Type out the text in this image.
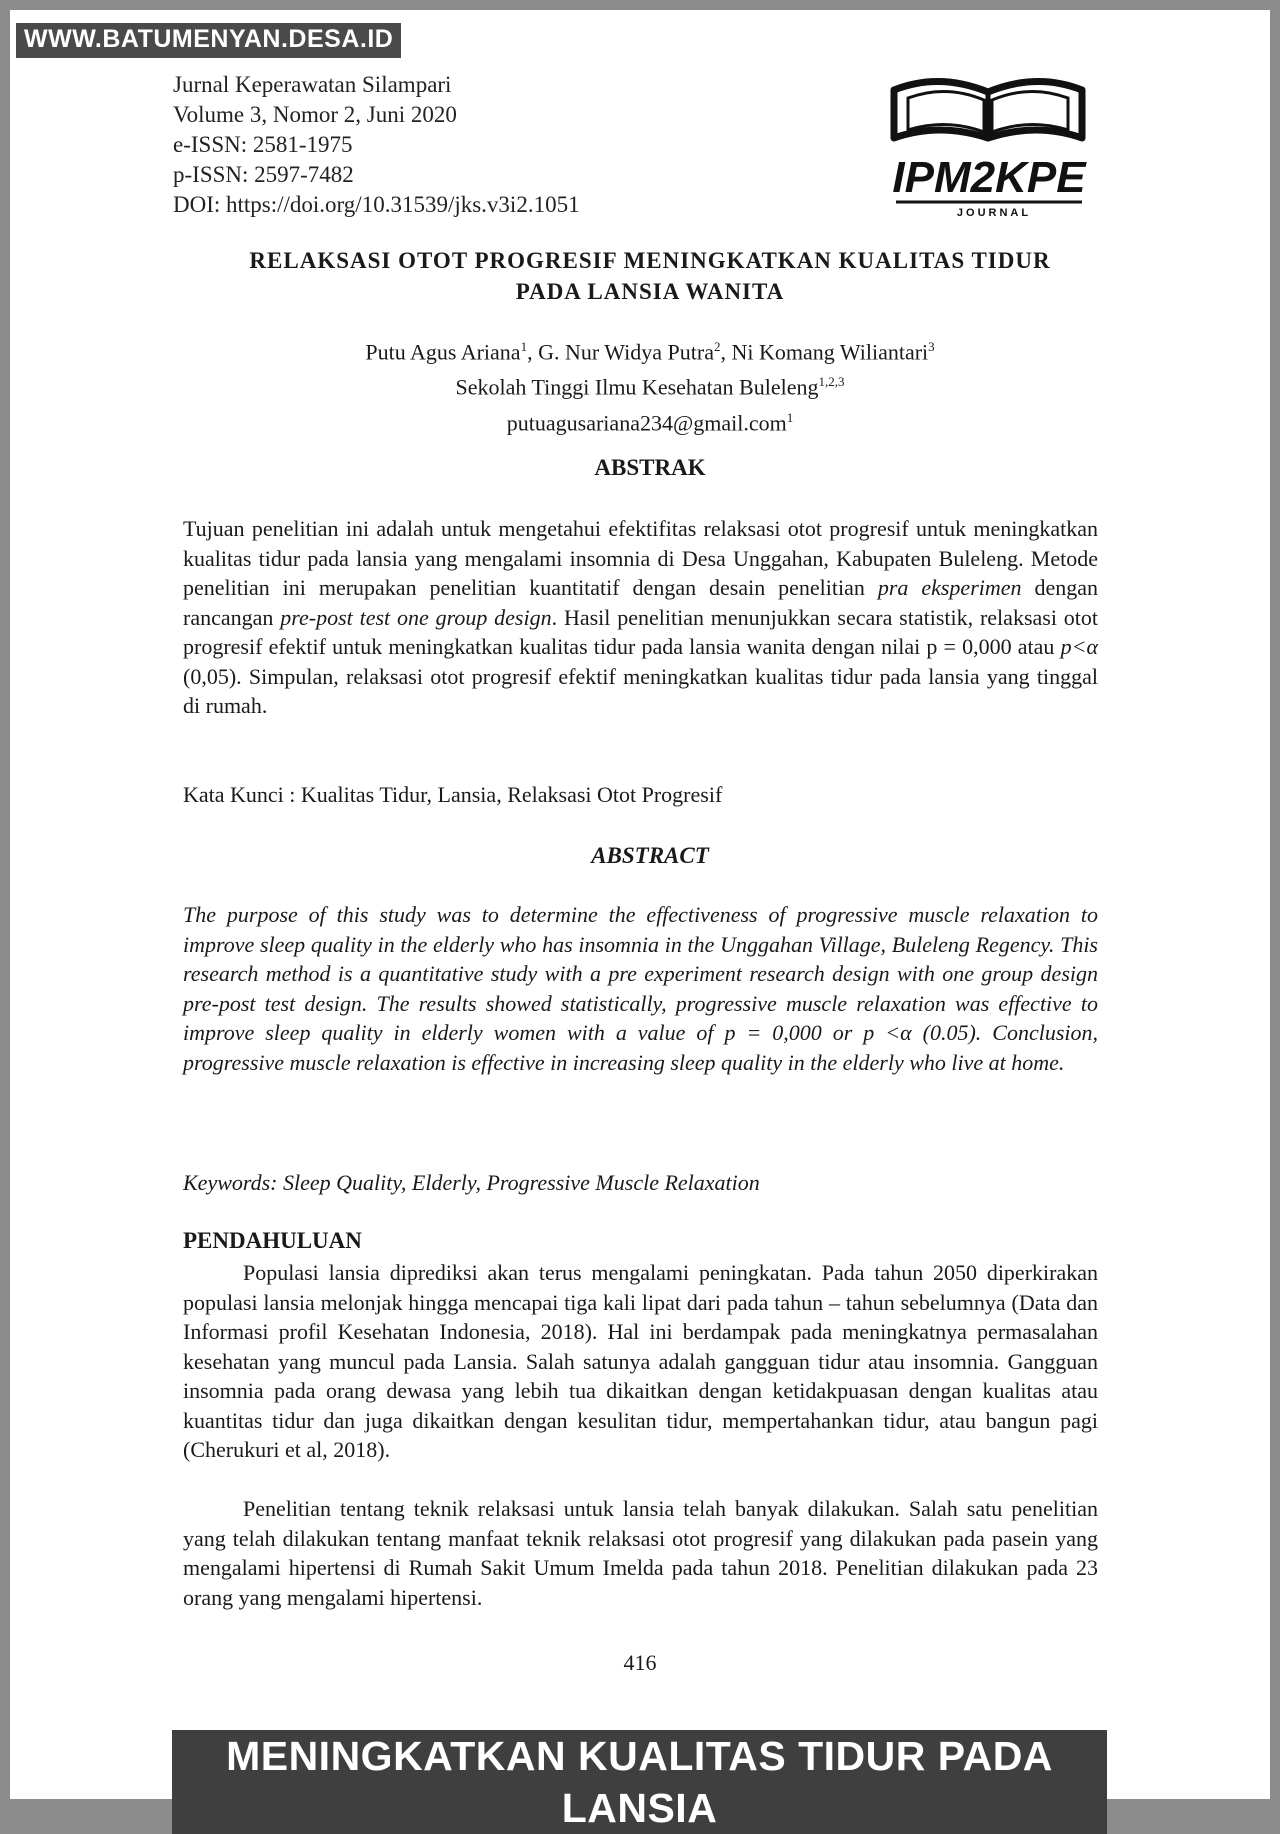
WWW.BATUMENYAN.DESA.ID
Jurnal Keperawatan Silampari
Volume 3, Nomor 2, Juni 2020
e-ISSN: 2581-1975
p-ISSN: 2597-7482
DOI: https://doi.org/10.31539/jks.v3i2.1051
IPM2KPE
JOURNAL
RELAKSASI OTOT PROGRESIF MENINGKATKAN KUALITAS TIDUR
PADA LANSIA WANITA
Putu Agus Ariana$^1$, G. Nur Widya Putra$^2$, Ni Komang Wiliantari$^3$
Sekolah Tinggi Ilmu Kesehatan Buleleng$^{1,2,3}$
putuagusariana234@gmail.com$^1$
ABSTRAK
Tujuan penelitian ini adalah untuk mengetahui efektifitas relaksasi otot progresif untuk meningkatkan kualitas tidur pada lansia yang mengalami insomnia di Desa Unggahan, Kabupaten Buleleng. Metode penelitian ini merupakan penelitian kuantitatif dengan desain penelitian pra eksperimen dengan rancangan pre-post test one group design. Hasil penelitian menunjukkan secara statistik, relaksasi otot progresif efektif untuk meningkatkan kualitas tidur pada lansia wanita dengan nilai p = 0,000 atau p<α (0,05). Simpulan, relaksasi otot progresif efektif meningkatkan kualitas tidur pada lansia yang tinggal di rumah.
Kata Kunci : Kualitas Tidur, Lansia, Relaksasi Otot Progresif
ABSTRACT
The purpose of this study was to determine the effectiveness of progressive muscle relaxation to improve sleep quality in the elderly who has insomnia in the Unggahan Village, Buleleng Regency. This research method is a quantitative study with a pre experiment research design with one group design pre-post test design. The results showed statistically, progressive muscle relaxation was effective to improve sleep quality in elderly women with a value of p = 0,000 or p <α (0.05). Conclusion, progressive muscle relaxation is effective in increasing sleep quality in the elderly who live at home.
Keywords: Sleep Quality, Elderly, Progressive Muscle Relaxation
PENDAHULUAN
Populasi lansia diprediksi akan terus mengalami peningkatan. Pada tahun 2050 diperkirakan populasi lansia melonjak hingga mencapai tiga kali lipat dari pada tahun – tahun sebelumnya (Data dan Informasi profil Kesehatan Indonesia, 2018). Hal ini berdampak pada meningkatnya permasalahan kesehatan yang muncul pada Lansia. Salah satunya adalah gangguan tidur atau insomnia. Gangguan insomnia pada orang dewasa yang lebih tua dikaitkan dengan ketidakpuasan dengan kualitas atau kuantitas tidur dan juga dikaitkan dengan kesulitan tidur, mempertahankan tidur, atau bangun pagi (Cherukuri et al, 2018).
Penelitian tentang teknik relaksasi untuk lansia telah banyak dilakukan. Salah satu penelitian yang telah dilakukan tentang manfaat teknik relaksasi otot progresif yang dilakukan pada pasein yang mengalami hipertensi di Rumah Sakit Umum Imelda pada tahun 2018. Penelitian dilakukan pada 23 orang yang mengalami hipertensi.
416
MENINGKATKAN KUALITAS TIDUR PADA LANSIA
